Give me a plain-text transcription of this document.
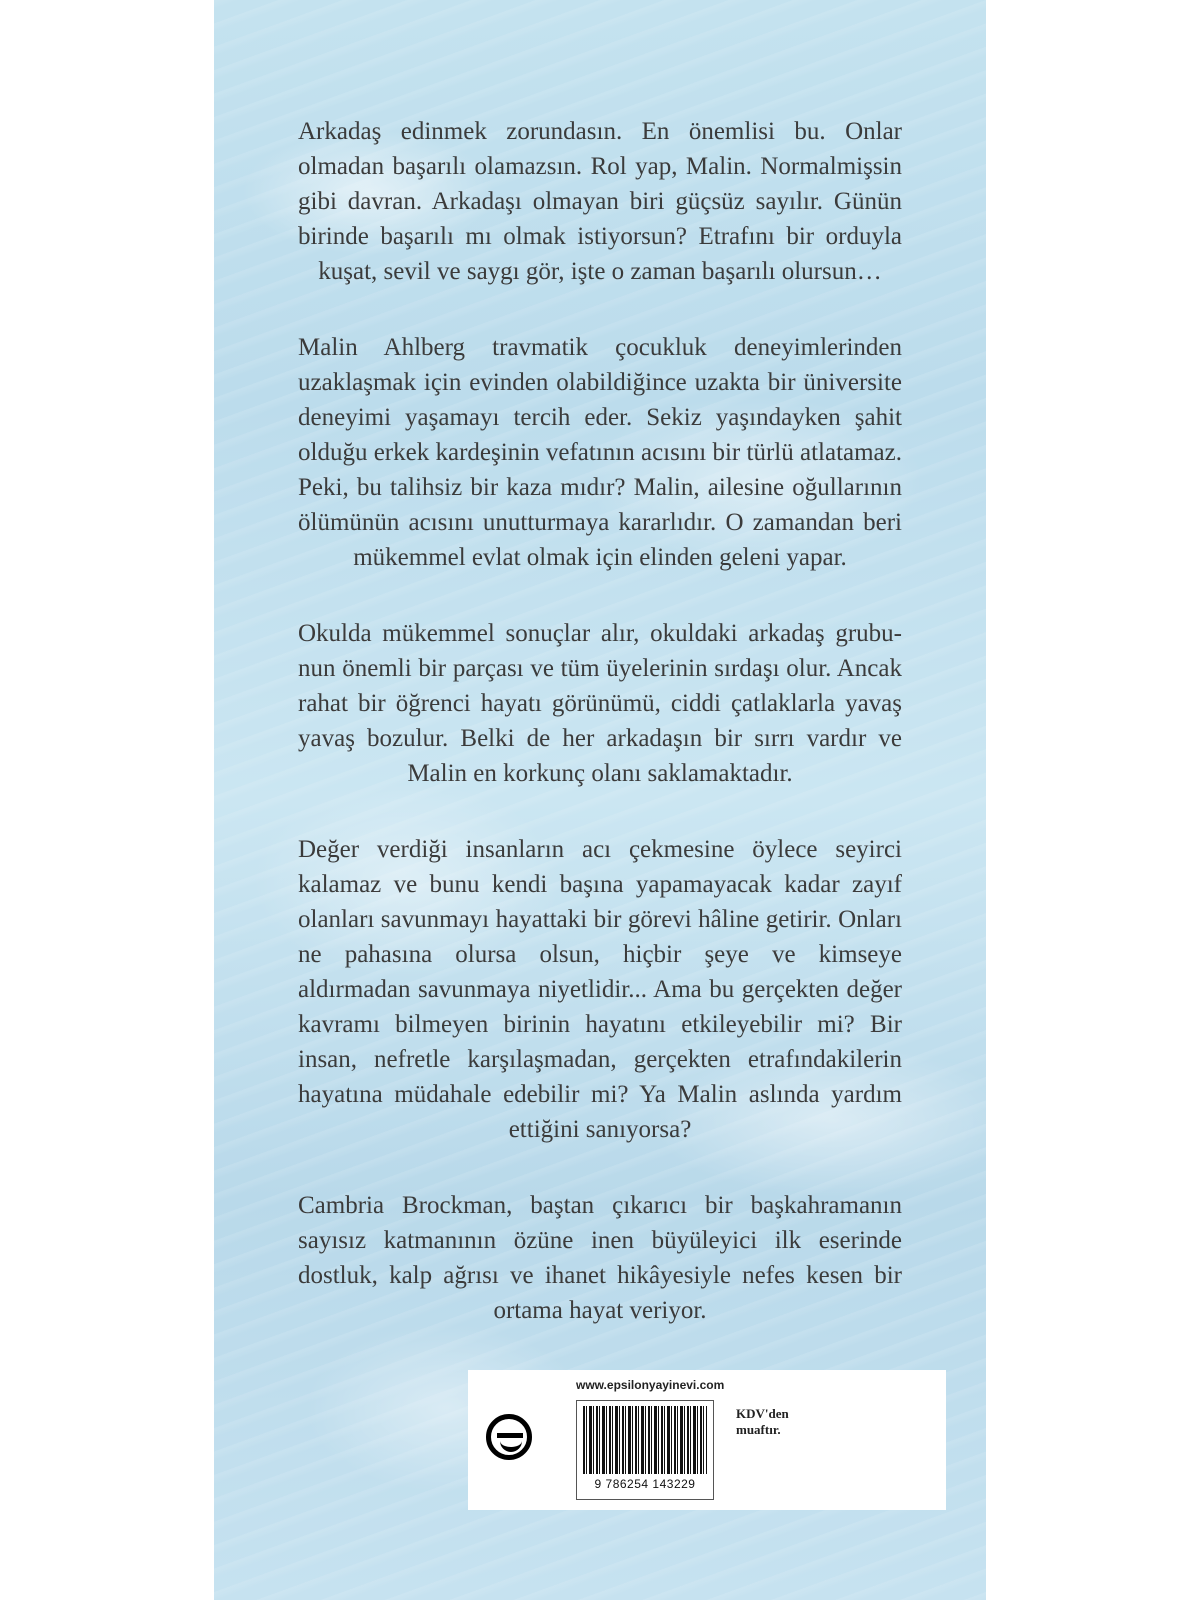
Arkadaş edinmek zorundasın. En önemlisi bu. Onlar olmadan başarılı olamazsın. Rol yap, Malin. Normalmişsin gibi davran. Arkadaşı olmayan biri güçsüz sayılır. Günün birinde başarılı mı olmak istiyorsun? Etrafını bir orduyla kuşat, sevil ve saygı gör, işte o zaman başarılı olursun…

Malin Ahlberg travmatik çocukluk deneyimlerinden uzaklaşmak için evinden olabildiğince uzakta bir üniversite deneyimi yaşamayı tercih eder. Sekiz yaşındayken şahit olduğu erkek kardeşinin vefatının acısını bir türlü atlatamaz. Peki, bu talihsiz bir kaza mıdır? Malin, ailesine oğullarının ölümünün acısını unutturmaya kararlıdır. O zamandan beri mükemmel evlat olmak için elinden geleni yapar.

Okulda mükemmel sonuçlar alır, okuldaki arkadaş grubunun önemli bir parçası ve tüm üyelerinin sırdaşı olur. Ancak rahat bir öğrenci hayatı görünümü, ciddi çatlaklarla yavaş yavaş bozulur. Belki de her arkadaşın bir sırrı vardır ve Malin en korkunç olanı saklamaktadır.

Değer verdiği insanların acı çekmesine öylece seyirci kalamaz ve bunu kendi başına yapamayacak kadar zayıf olanları savunmayı hayattaki bir görevi hâline getirir. Onları ne pahasına olursa olsun, hiçbir şeye ve kimseye aldırmadan savunmaya niyetlidir... Ama bu gerçekten değer kavramı bilmeyen birinin hayatını etkileyebilir mi? Bir insan, nefretle karşılaşmadan, gerçekten etrafındakilerin hayatına müdahale edebilir mi? Ya Malin aslında yardım ettiğini sanıyorsa?

Cambria Brockman, baştan çıkarıcı bir başkahramanın sayısız katmanının özüne inen büyüleyici ilk eserinde dostluk, kalp ağrısı ve ihanet hikâyesiyle nefes kesen bir ortama hayat veriyor.

www.epsilonyayinevi.com
9 786254 143229
KDV'den muaftır.
